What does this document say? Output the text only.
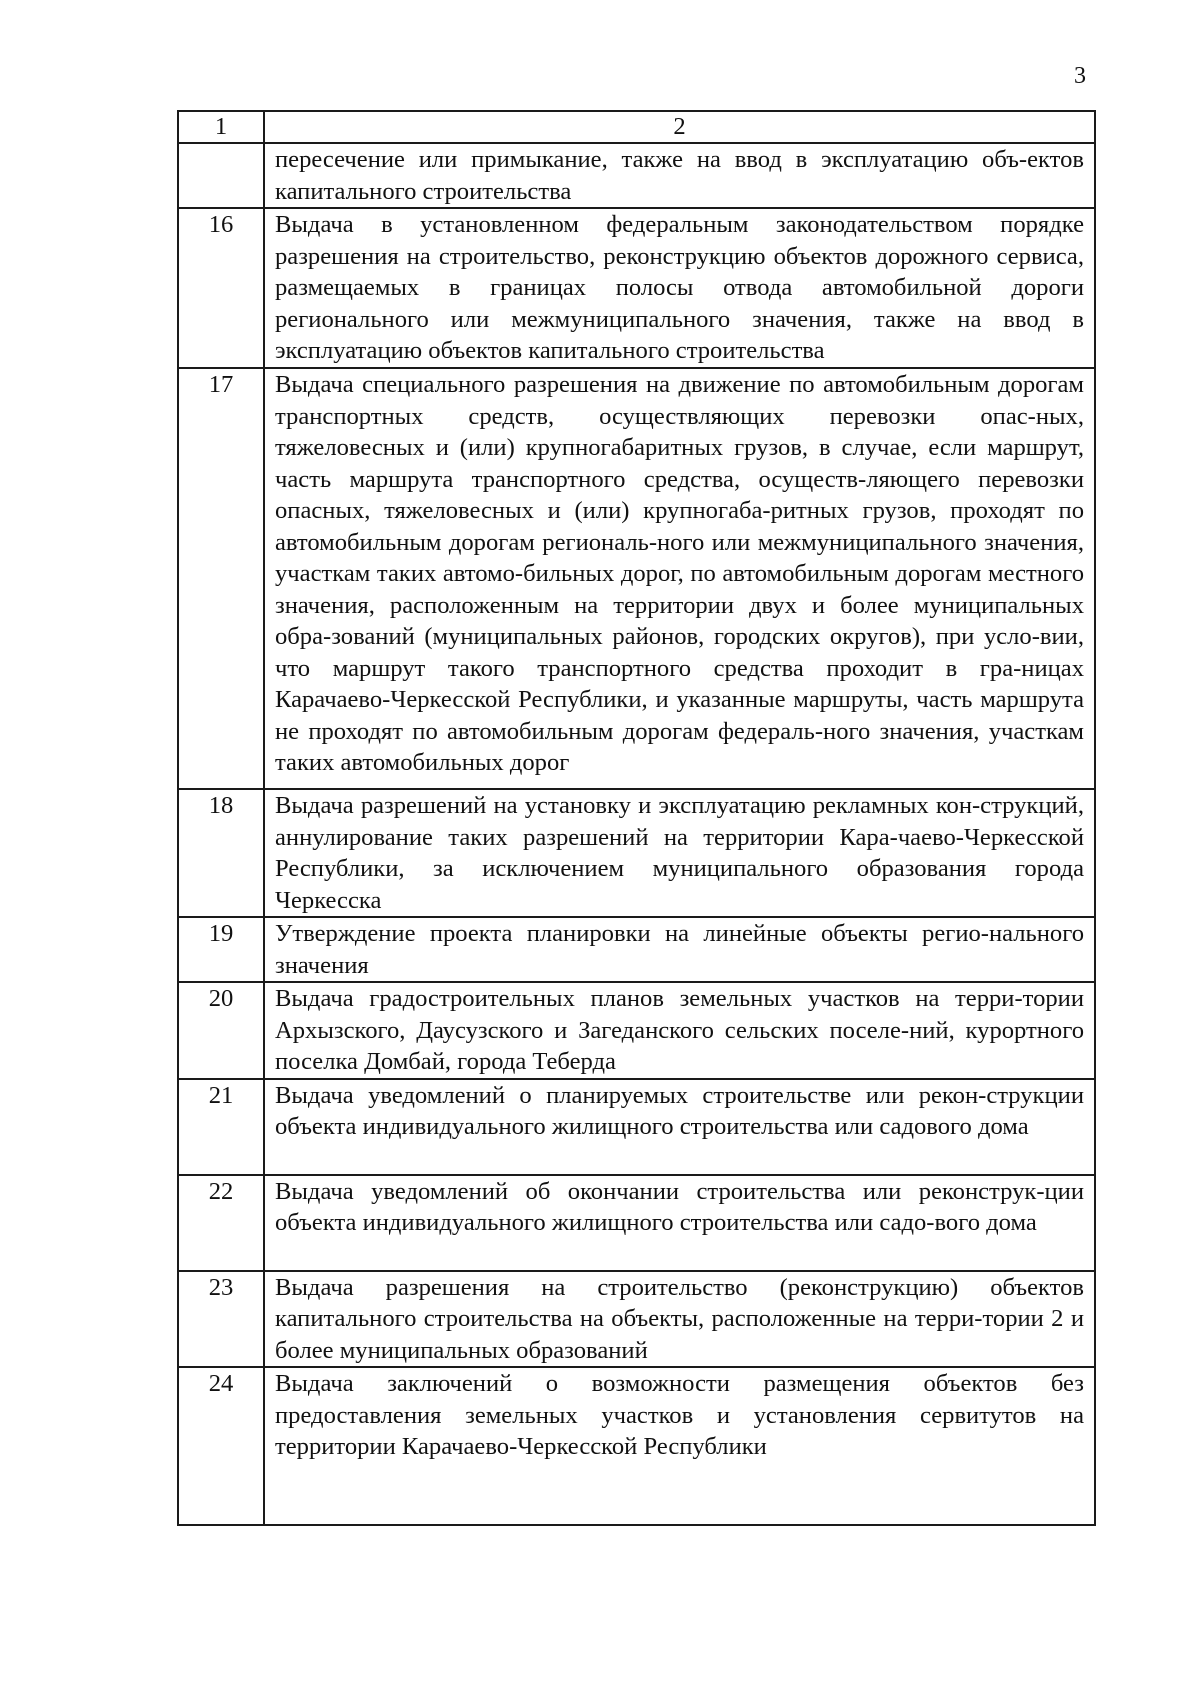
3
1	2
	пересечение или примыкание, также на ввод в эксплуатацию объ-ектов капитального строительства
16	Выдача в установленном федеральным законодательством порядке разрешения на строительство, реконструкцию объектов дорожного сервиса, размещаемых в границах полосы отвода автомобильной дороги регионального или межмуниципального значения, также на ввод в эксплуатацию объектов капитального строительства
17	Выдача специального разрешения на движение по автомобильным дорогам транспортных средств, осуществляющих перевозки опас-ных, тяжеловесных и (или) крупногабаритных грузов, в случае, если маршрут, часть маршрута транспортного средства, осуществ-ляющего перевозки опасных, тяжеловесных и (или) крупногаба-ритных грузов, проходят по автомобильным дорогам региональ-ного или межмуниципального значения, участкам таких автомо-бильных дорог, по автомобильным дорогам местного значения, расположенным на территории двух и более муниципальных обра-зований (муниципальных районов, городских округов), при усло-вии, что маршрут такого транспортного средства проходит в гра-ницах Карачаево-Черкесской Республики, и указанные маршруты, часть маршрута не проходят по автомобильным дорогам федераль-ного значения, участкам таких автомобильных дорог
18	Выдача разрешений на установку и эксплуатацию рекламных кон-струкций, аннулирование таких разрешений на территории Кара-чаево-Черкесской Республики, за исключением муниципального образования города Черкесска
19	Утверждение проекта планировки на линейные объекты регио-нального значения
20	Выдача градостроительных планов земельных участков на терри-тории Архызского, Даусузского и Загеданского сельских поселе-ний, курортного поселка Домбай, города Теберда
21	Выдача уведомлений о планируемых строительстве или рекон-струкции объекта индивидуального жилищного строительства или садового дома
22	Выдача уведомлений об окончании строительства или реконструк-ции объекта индивидуального жилищного строительства или садо-вого дома
23	Выдача разрешения на строительство (реконструкцию) объектов капитального строительства на объекты, расположенные на терри-тории 2 и более муниципальных образований
24	Выдача заключений о возможности размещения объектов без предоставления земельных участков и установления сервитутов на территории Карачаево-Черкесской Республики
